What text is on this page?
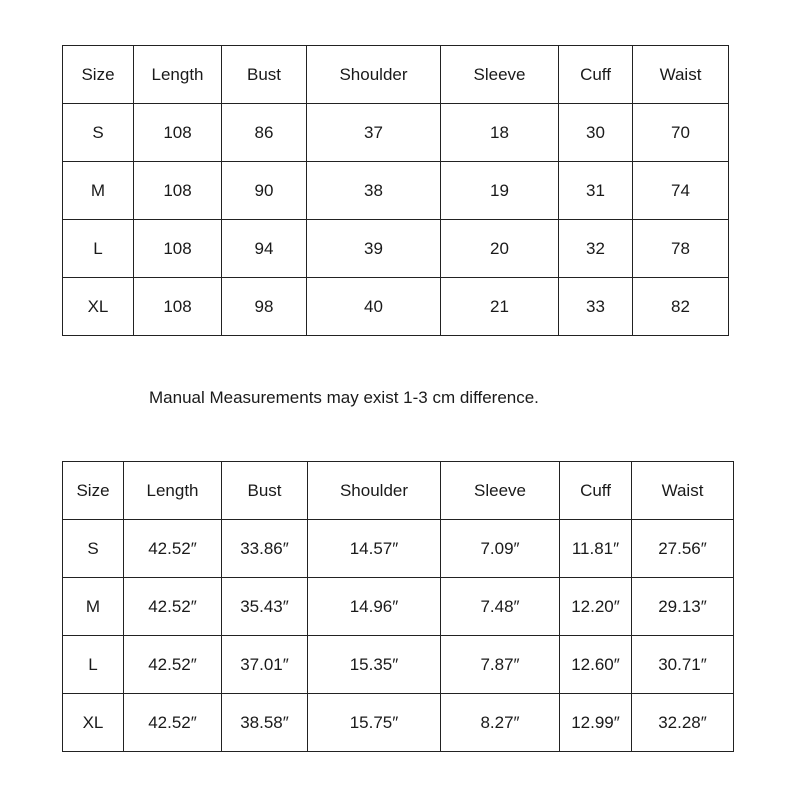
Size	Length	Bust	Shoulder	Sleeve	Cuff	Waist
S	108	86	37	18	30	70
M	108	90	38	19	31	74
L	108	94	39	20	32	78
XL	108	98	40	21	33	82
Manual Measurements may exist 1-3 cm difference.
Size	Length	Bust	Shoulder	Sleeve	Cuff	Waist
S	42.52″	33.86″	14.57″	7.09″	11.81″	27.56″
M	42.52″	35.43″	14.96″	7.48″	12.20″	29.13″
L	42.52″	37.01″	15.35″	7.87″	12.60″	30.71″
XL	42.52″	38.58″	15.75″	8.27″	12.99″	32.28″
